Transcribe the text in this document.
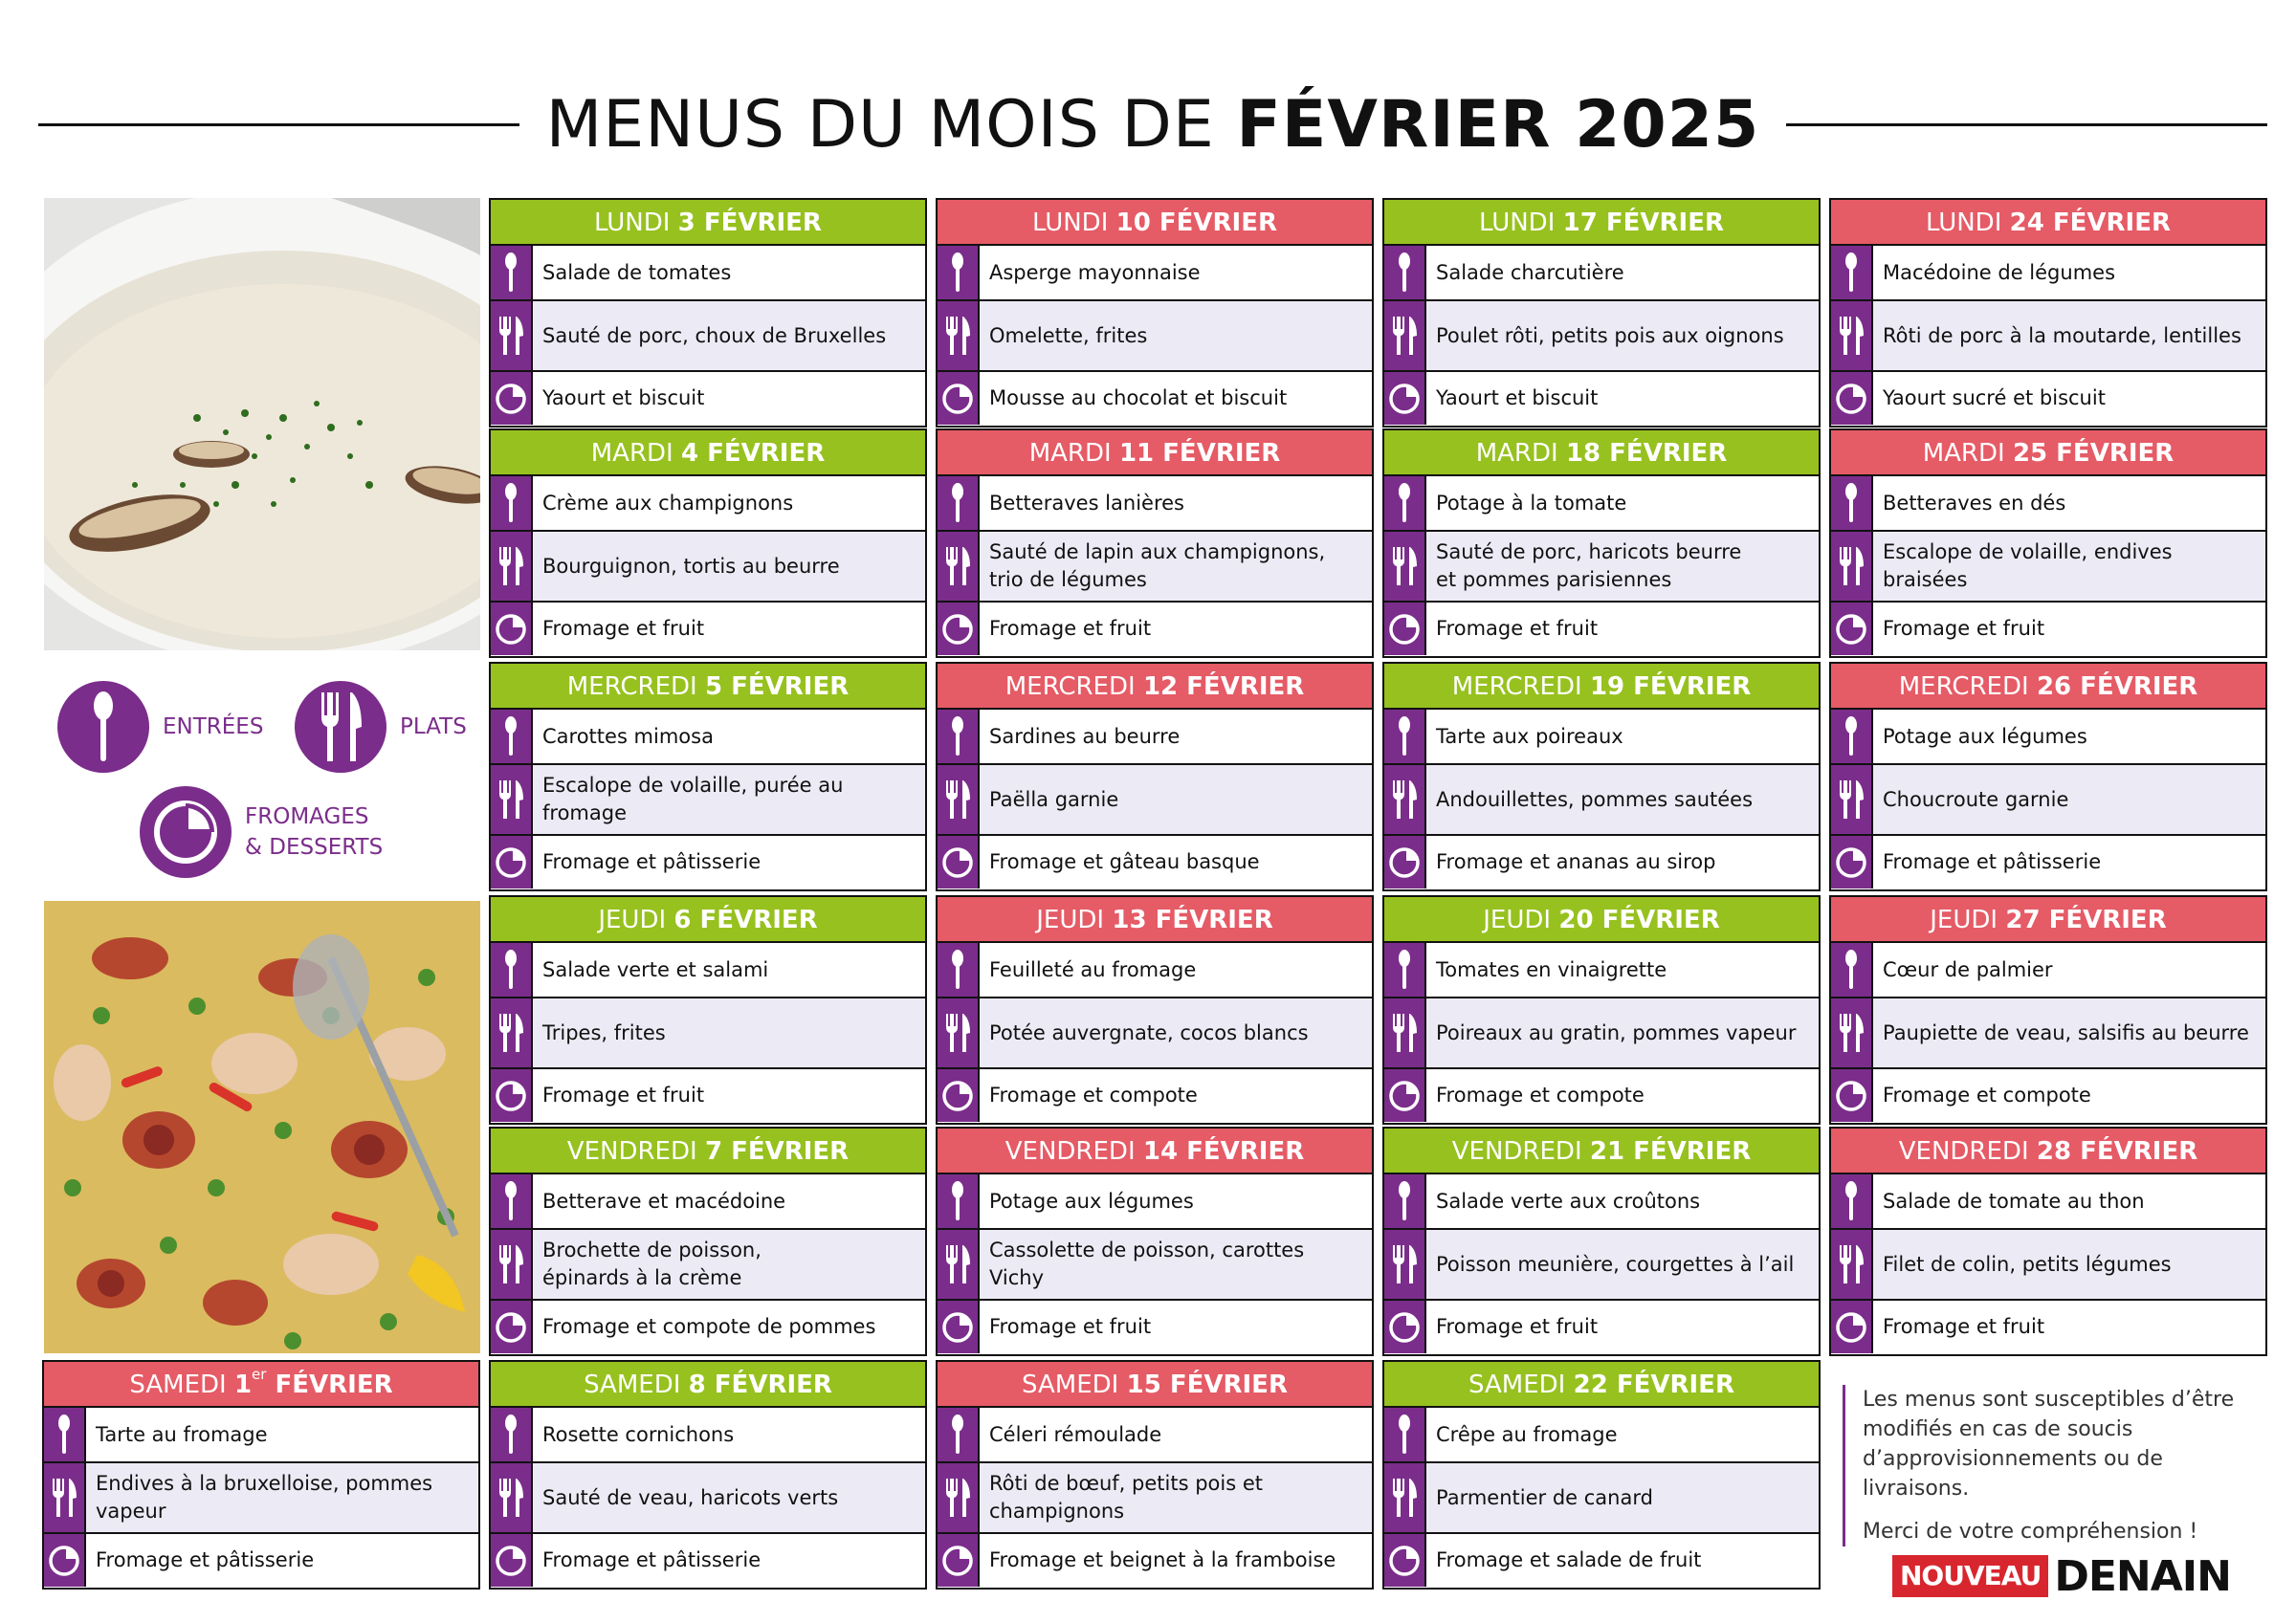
MENUS DU MOIS DE FÉVRIER 2025
ENTRÉES	PLATS
FROMAGES
& DESSERTS
LUNDI 3 FÉVRIER
Salade de tomates
Sauté de porc, choux de Bruxelles
Yaourt et biscuit
LUNDI 10 FÉVRIER
Asperge mayonnaise
Omelette, frites
Mousse au chocolat et biscuit
LUNDI 17 FÉVRIER
Salade charcutière
Poulet rôti, petits pois aux oignons
Yaourt et biscuit
LUNDI 24 FÉVRIER
Macédoine de légumes
Rôti de porc à la moutarde, lentilles
Yaourt sucré et biscuit
MARDI 4 FÉVRIER
Crème aux champignons
Bourguignon, tortis au beurre
Fromage et fruit
MARDI 11 FÉVRIER
Betteraves lanières
Sauté de lapin aux champignons,
trio de légumes
Fromage et fruit
MARDI 18 FÉVRIER
Potage à la tomate
Sauté de porc, haricots beurre
et pommes parisiennes
Fromage et fruit
MARDI 25 FÉVRIER
Betteraves en dés
Escalope de volaille, endives braisées
Fromage et fruit
MERCREDI 5 FÉVRIER
Carottes mimosa
Escalope de volaille, purée au fromage
Fromage et pâtisserie
MERCREDI 12 FÉVRIER
Sardines au beurre
Paëlla garnie
Fromage et gâteau basque
MERCREDI 19 FÉVRIER
Tarte aux poireaux
Andouillettes, pommes sautées
Fromage et ananas au sirop
MERCREDI 26 FÉVRIER
Potage aux légumes
Choucroute garnie
Fromage et pâtisserie
JEUDI 6 FÉVRIER
Salade verte et salami
Tripes, frites
Fromage et fruit
JEUDI 13 FÉVRIER
Feuilleté au fromage
Potée auvergnate, cocos blancs
Fromage et compote
JEUDI 20 FÉVRIER
Tomates en vinaigrette
Poireaux au gratin, pommes vapeur
Fromage et compote
JEUDI 27 FÉVRIER
Cœur de palmier
Paupiette de veau, salsifis au beurre
Fromage et compote
VENDREDI 7 FÉVRIER
Betterave et macédoine
Brochette de poisson,
épinards à la crème
Fromage et compote de pommes
VENDREDI 14 FÉVRIER
Potage aux légumes
Cassolette de poisson, carottes Vichy
Fromage et fruit
VENDREDI 21 FÉVRIER
Salade verte aux croûtons
Poisson meunière, courgettes à l’ail
Fromage et fruit
VENDREDI 28 FÉVRIER
Salade de tomate au thon
Filet de colin, petits légumes
Fromage et fruit
SAMEDI 1er FÉVRIER
Tarte au fromage
Endives à la bruxelloise, pommes vapeur
Fromage et pâtisserie
SAMEDI 8 FÉVRIER
Rosette cornichons
Sauté de veau, haricots verts
Fromage et pâtisserie
SAMEDI 15 FÉVRIER
Céleri rémoulade
Rôti de bœuf, petits pois et champignons
Fromage et beignet à la framboise
SAMEDI 22 FÉVRIER
Crêpe au fromage
Parmentier de canard
Fromage et salade de fruit

Les menus sont susceptibles d’être modifiés en cas de soucis d’approvisionnements ou de livraisons.

Merci de votre compréhension !

NOUVEAU DENAIN
